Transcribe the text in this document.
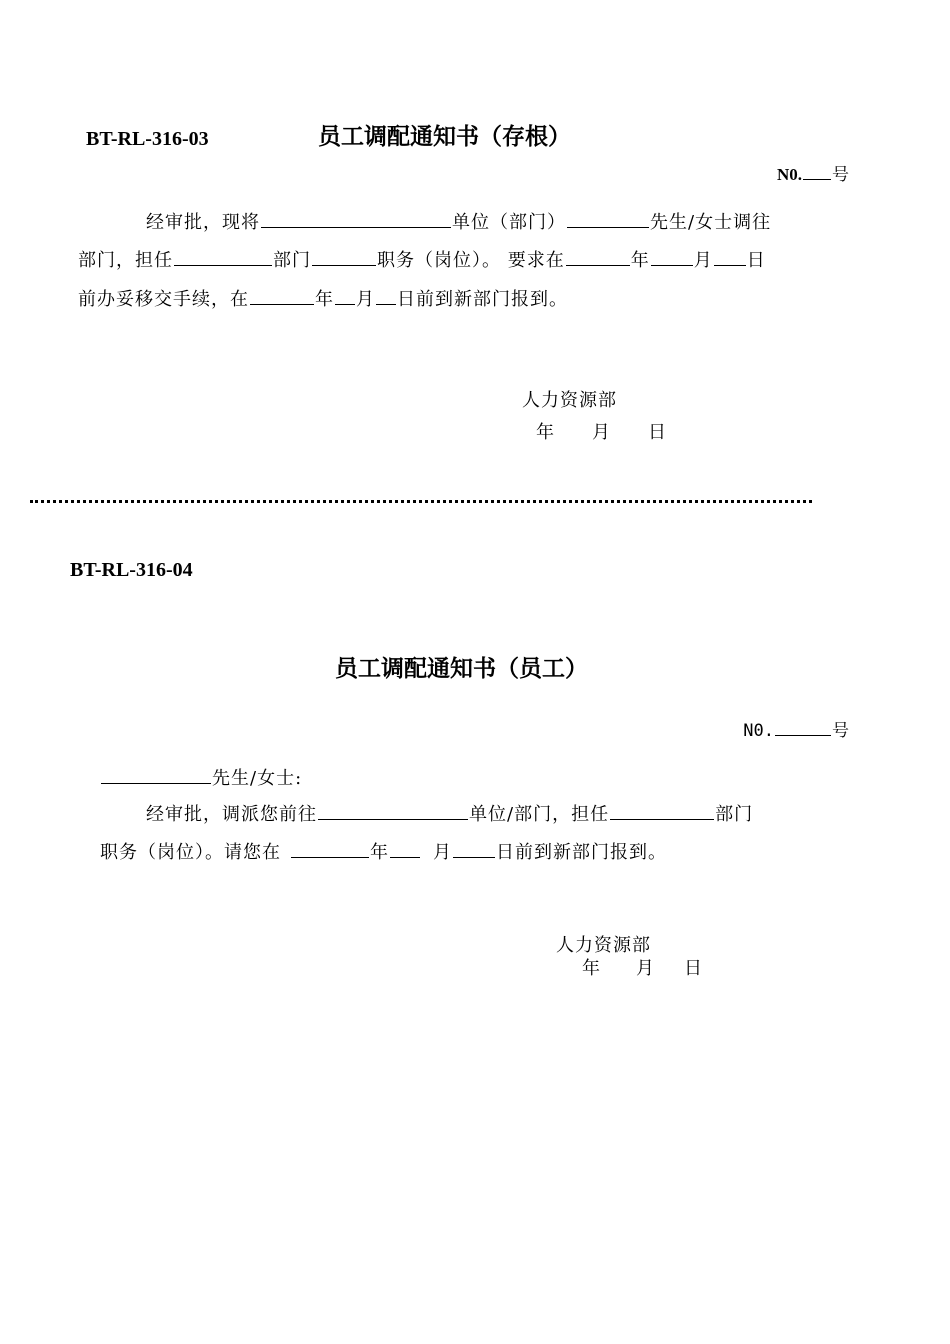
BT-RL-316-03	员工调配通知书（存根）
N0. 号
经审批，现将	单位（部门）	先生/女士调往
部门，担任	部门	职务（岗位）。 要求在	年 月 日
前办妥移交手续，在	年 月 日前到新部门报到。
人力资源部
年 月 日
BT-RL-316-04
员工调配通知书（员工）
N0.	号
先生/女士:
经审批，调派您前往	单位/部门，担任	部门
职务（岗位）。请您在	年 月 日前到新部门报到。
人力资源部
年 月 日
